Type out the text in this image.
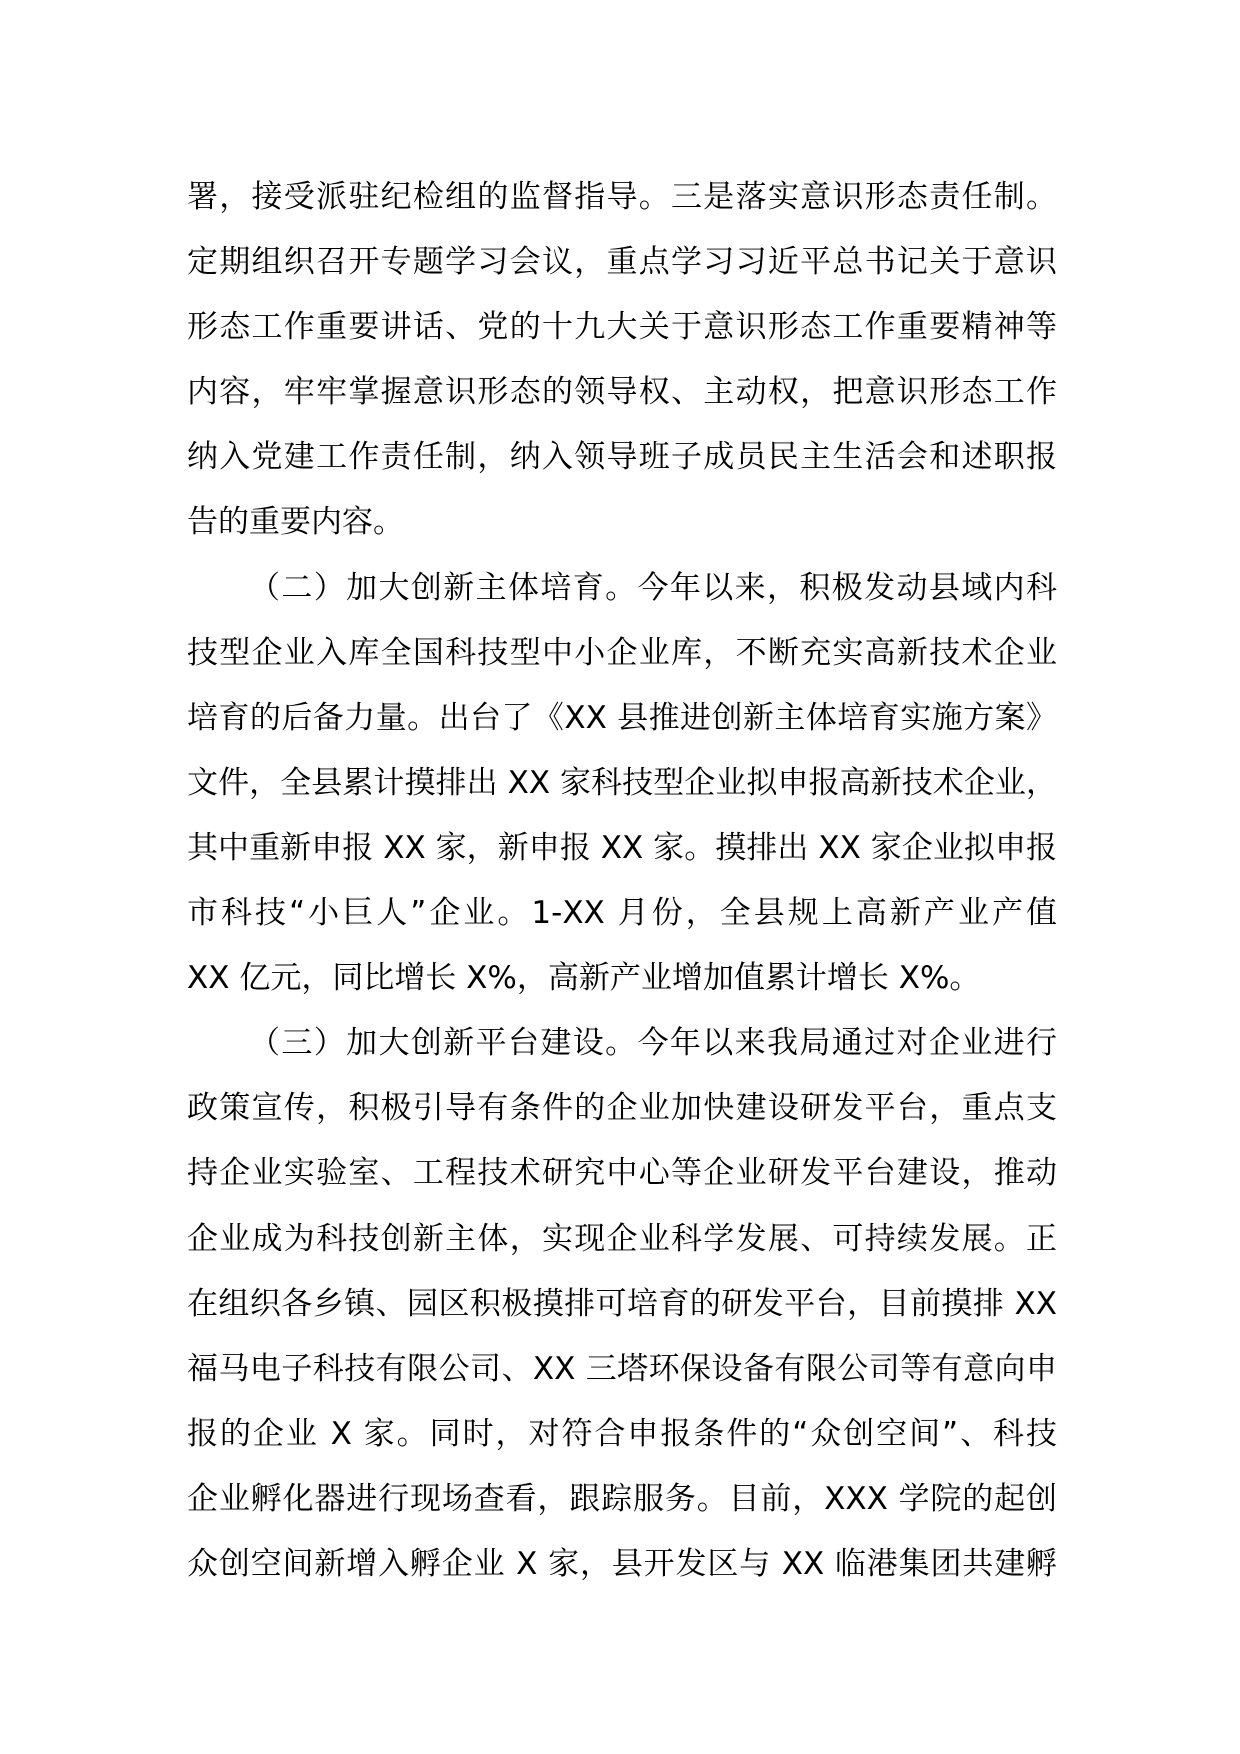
署，接受派驻纪检组的监督指导。三是落实意识形态责任制。
定期组织召开专题学习会议，重点学习习近平总书记关于意识
形态工作重要讲话、党的十九大关于意识形态工作重要精神等
内容，牢牢掌握意识形态的领导权、主动权，把意识形态工作
纳入党建工作责任制，纳入领导班子成员民主生活会和述职报
告的重要内容。
（二）加大创新主体培育。今年以来，积极发动县域内科
技型企业入库全国科技型中小企业库，不断充实高新技术企业
培育的后备力量。出台了《XX 县推进创新主体培育实施方案》
文件，全县累计摸排出 XX 家科技型企业拟申报高新技术企业，
其中重新申报 XX 家，新申报 XX 家。摸排出 XX 家企业拟申报
市科技“小巨人”企业。1-XX 月份，全县规上高新产业产值
XX 亿元，同比增长 X%，高新产业增加值累计增长 X%。
（三）加大创新平台建设。今年以来我局通过对企业进行
政策宣传，积极引导有条件的企业加快建设研发平台，重点支
持企业实验室、工程技术研究中心等企业研发平台建设，推动
企业成为科技创新主体，实现企业科学发展、可持续发展。正
在组织各乡镇、园区积极摸排可培育的研发平台，目前摸排 XX
福马电子科技有限公司、XX 三塔环保设备有限公司等有意向申
报的企业 X 家。同时，对符合申报条件的“众创空间”、科技
企业孵化器进行现场查看，跟踪服务。目前，XXX 学院的起创
众创空间新增入孵企业 X 家，县开发区与 XX 临港集团共建孵
